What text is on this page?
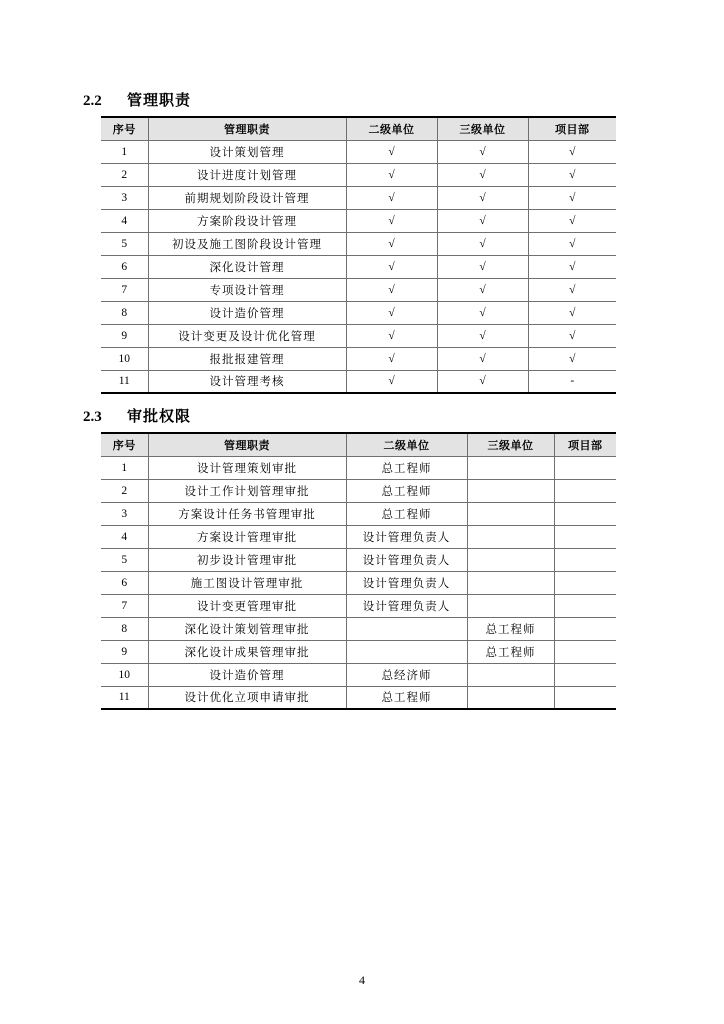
2.2 管理职责
序号	管理职责	二级单位	三级单位	项目部
1	设计策划管理	√	√	√
2	设计进度计划管理	√	√	√
3	前期规划阶段设计管理	√	√	√
4	方案阶段设计管理	√	√	√
5	初设及施工图阶段设计管理	√	√	√
6	深化设计管理	√	√	√
7	专项设计管理	√	√	√
8	设计造价管理	√	√	√
9	设计变更及设计优化管理	√	√	√
10	报批报建管理	√	√	√
11	设计管理考核	√	√	-
2.3 审批权限
序号	管理职责	二级单位	三级单位	项目部
1	设计管理策划审批	总工程师		
2	设计工作计划管理审批	总工程师		
3	方案设计任务书管理审批	总工程师		
4	方案设计管理审批	设计管理负责人		
5	初步设计管理审批	设计管理负责人		
6	施工图设计管理审批	设计管理负责人		
7	设计变更管理审批	设计管理负责人		
8	深化设计策划管理审批		总工程师	
9	深化设计成果管理审批		总工程师	
10	设计造价管理	总经济师		
11	设计优化立项申请审批	总工程师		
4
